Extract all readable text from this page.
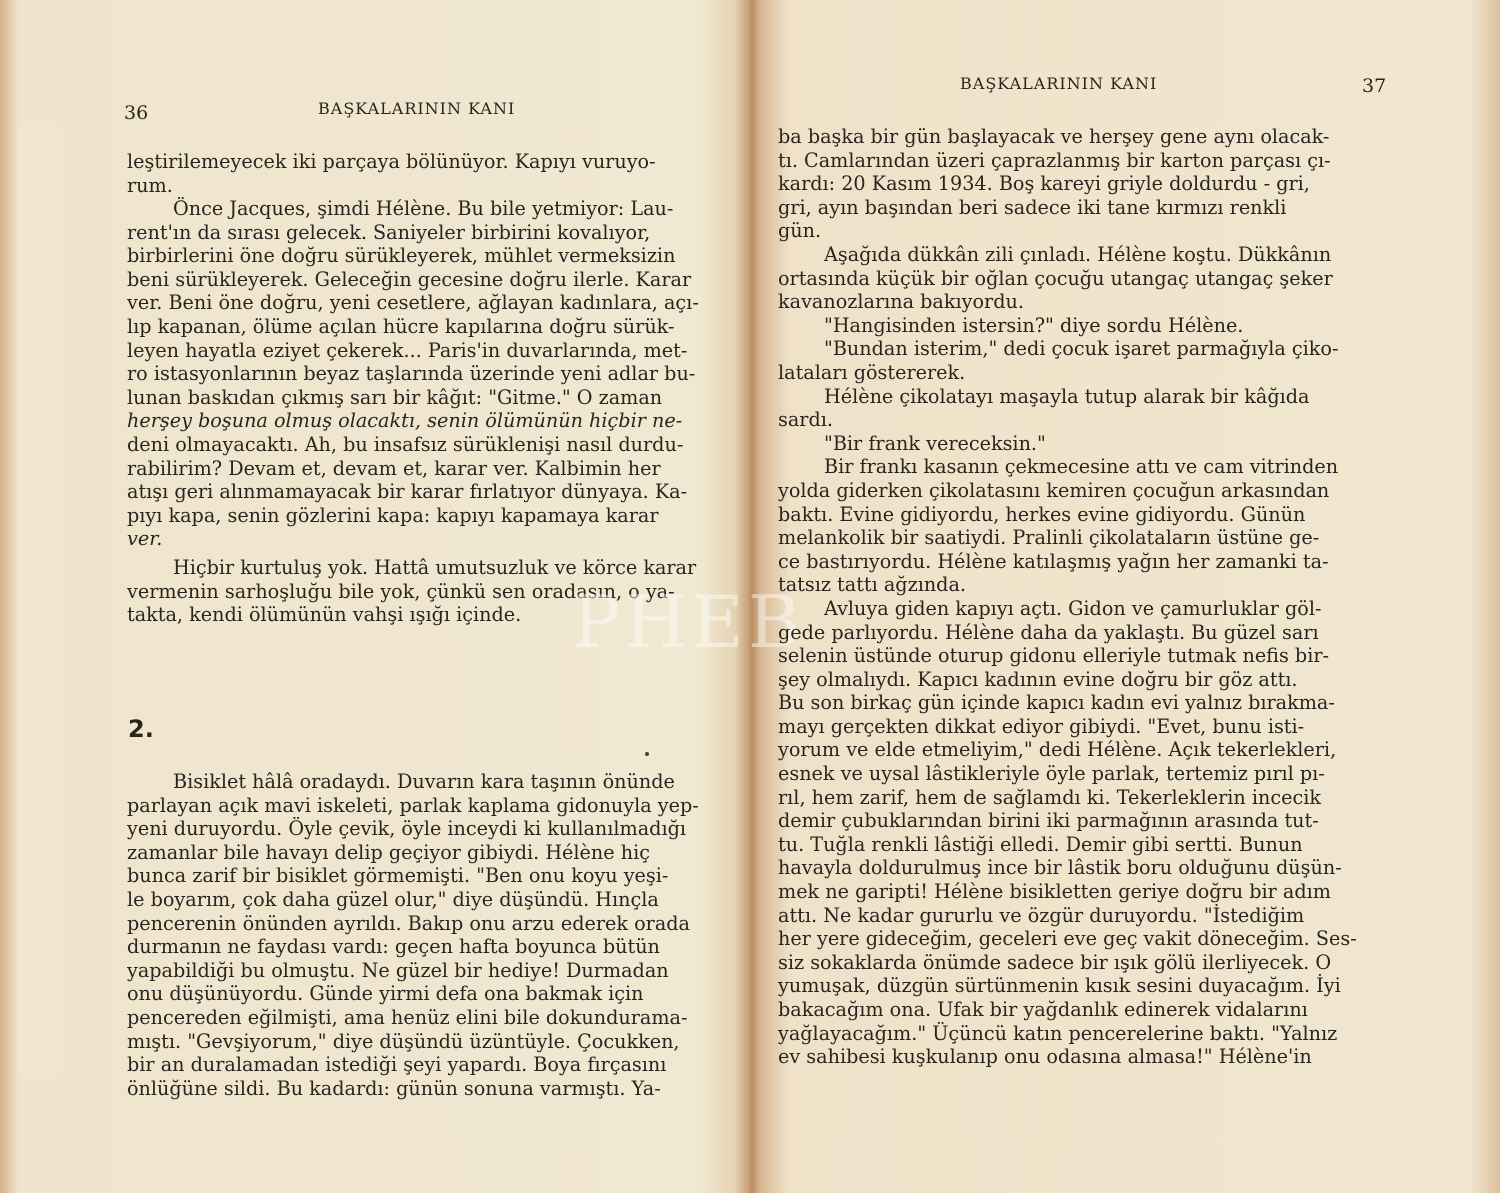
36	BAŞKALARININ KANI

leştirilemeyecek iki parçaya bölünüyor. Kapıyı vuruyo-
rum.

Önce Jacques, şimdi Hélène. Bu bile yetmiyor: Lau-
rent'ın da sırası gelecek. Saniyeler birbirini kovalıyor,
birbirlerini öne doğru sürükleyerek, mühlet vermeksizin
beni sürükleyerek. Geleceğin gecesine doğru ilerle. Karar
ver. Beni öne doğru, yeni cesetlere, ağlayan kadınlara, açı-
lıp kapanan, ölüme açılan hücre kapılarına doğru sürük-
leyen hayatla eziyet çekerek... Paris'in duvarlarında, met-
ro istasyonlarının beyaz taşlarında üzerinde yeni adlar bu-
lunan baskıdan çıkmış sarı bir kâğıt: "Gitme." O zaman
herşey boşuna olmuş olacaktı, senin ölümünün hiçbir ne-
deni olmayacaktı. Ah, bu insafsız sürüklenişi nasıl durdu-
rabilirim? Devam et, devam et, karar ver. Kalbimin her
atışı geri alınmamayacak bir karar fırlatıyor dünyaya. Ka-
pıyı kapa, senin gözlerini kapa: kapıyı kapamaya karar
ver.

Hiçbir kurtuluş yok. Hattâ umutsuzluk ve körce karar
vermenin sarhoşluğu bile yok, çünkü sen oradasın, o ya-
takta, kendi ölümünün vahşi ışığı içinde.

2.

Bisiklet hâlâ oradaydı. Duvarın kara taşının önünde
parlayan açık mavi iskeleti, parlak kaplama gidonuyla yep-
yeni duruyordu. Öyle çevik, öyle inceydi ki kullanılmadığı
zamanlar bile havayı delip geçiyor gibiydi. Hélène hiç
bunca zarif bir bisiklet görmemişti. "Ben onu koyu yeşi-
le boyarım, çok daha güzel olur," diye düşündü. Hınçla
pencerenin önünden ayrıldı. Bakıp onu arzu ederek orada
durmanın ne faydası vardı: geçen hafta boyunca bütün
yapabildiği bu olmuştu. Ne güzel bir hediye! Durmadan
onu düşünüyordu. Günde yirmi defa ona bakmak için
pencereden eğilmişti, ama henüz elini bile dokundurama-
mıştı. "Gevşiyorum," diye düşündü üzüntüyle. Çocukken,
bir an duralamadan istediği şeyi yapardı. Boya fırçasını
önlüğüne sildi. Bu kadardı: günün sonuna varmıştı. Ya-

PHEB
BAŞKALARININ KANI	37

ba başka bir gün başlayacak ve herşey gene aynı olacak-
tı. Camlarından üzeri çaprazlanmış bir karton parçası çı-
kardı: 20 Kasım 1934. Boş kareyi griyle doldurdu - gri,
gri, ayın başından beri sadece iki tane kırmızı renkli
gün.

Aşağıda dükkân zili çınladı. Hélène koştu. Dükkânın
ortasında küçük bir oğlan çocuğu utangaç utangaç şeker
kavanozlarına bakıyordu.
"Hangisinden istersin?" diye sordu Hélène.
"Bundan isterim," dedi çocuk işaret parmağıyla çiko-
lataları göstererek.
Hélène çikolatayı maşayla tutup alarak bir kâğıda
sardı.
"Bir frank vereceksin."
Bir frankı kasanın çekmecesine attı ve cam vitrinden
yolda giderken çikolatasını kemiren çocuğun arkasından
baktı. Evine gidiyordu, herkes evine gidiyordu. Günün
melankolik bir saatiydi. Pralinli çikolataların üstüne ge-
ce bastırıyordu. Hélène katılaşmış yağın her zamanki ta-
tatsız tattı ağzında.
Avluya giden kapıyı açtı. Gidon ve çamurluklar göl-
gede parlıyordu. Hélène daha da yaklaştı. Bu güzel sarı
selenin üstünde oturup gidonu elleriyle tutmak nefis bir-
şey olmalıydı. Kapıcı kadının evine doğru bir göz attı.
Bu son birkaç gün içinde kapıcı kadın evi yalnız bırakma-
mayı gerçekten dikkat ediyor gibiydi. "Evet, bunu isti-
yorum ve elde etmeliyim," dedi Hélène. Açık tekerlekleri,
esnek ve uysal lâstikleriyle öyle parlak, tertemiz pırıl pı-
rıl, hem zarif, hem de sağlamdı ki. Tekerleklerin incecik
demir çubuklarından birini iki parmağının arasında tut-
tu. Tuğla renkli lâstiği elledi. Demir gibi sertti. Bunun
havayla doldurulmuş ince bir lâstik boru olduğunu düşün-
mek ne garipti! Hélène bisikletten geriye doğru bir adım
attı. Ne kadar gururlu ve özgür duruyordu. "İstediğim
her yere gideceğim, geceleri eve geç vakit döneceğim. Ses-
siz sokaklarda önümde sadece bir ışık gölü ilerliyecek. O
yumuşak, düzgün sürtünmenin kısık sesini duyacağım. İyi
bakacağım ona. Ufak bir yağdanlık edinerek vidalarını
yağlayacağım." Üçüncü katın pencerelerine baktı. "Yalnız
ev sahibesi kuşkulanıp onu odasına almasa!" Hélène'in
